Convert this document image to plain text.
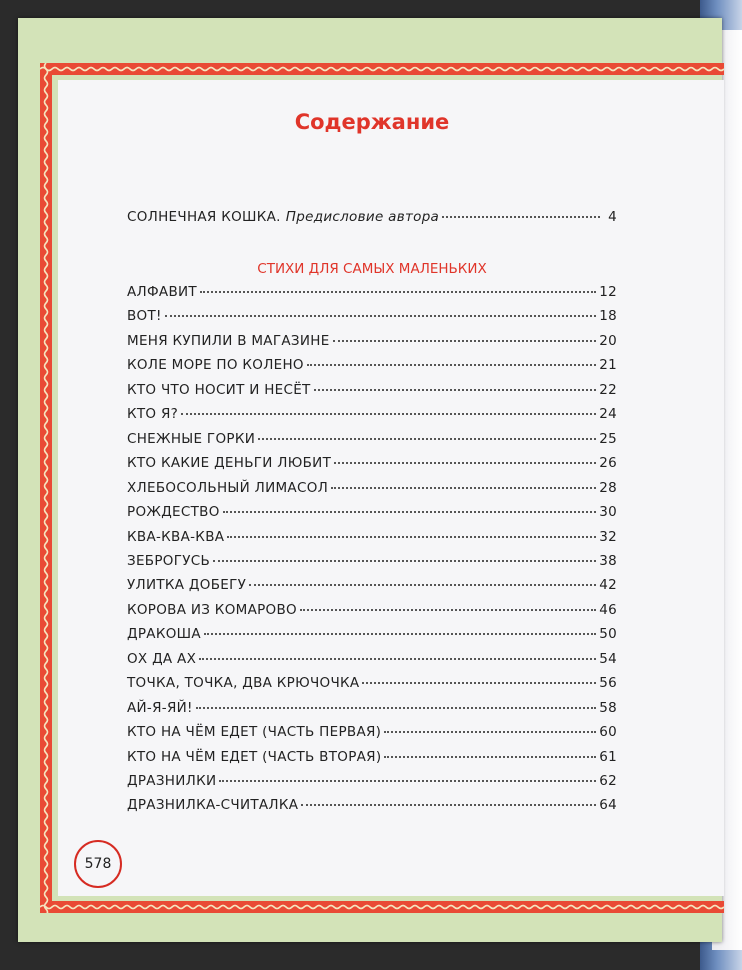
Содержание
СОЛНЕЧНАЯ КОШКА. Предисловие автора	4
СТИХИ ДЛЯ САМЫХ МАЛЕНЬКИХ
АЛФАВИТ	12
ВОТ!	18
МЕНЯ КУПИЛИ В МАГАЗИНЕ	20
КОЛЕ МОРЕ ПО КОЛЕНО	21
КТО ЧТО НОСИТ И НЕСЁТ	22
КТО Я?	24
СНЕЖНЫЕ ГОРКИ	25
КТО КАКИЕ ДЕНЬГИ ЛЮБИТ	26
ХЛЕБОСОЛЬНЫЙ ЛИМАСОЛ	28
РОЖДЕСТВО	30
КВА-КВА-КВА	32
ЗЕБРОГУСЬ	38
УЛИТКА ДОБЕГУ	42
КОРОВА ИЗ КОМАРОВО	46
ДРАКОША	50
ОХ ДА АХ	54
ТОЧКА, ТОЧКА, ДВА КРЮЧОЧКА	56
АЙ-Я-ЯЙ!	58
КТО НА ЧЁМ ЕДЕТ (ЧАСТЬ ПЕРВАЯ)	60
КТО НА ЧЁМ ЕДЕТ (ЧАСТЬ ВТОРАЯ)	61
ДРАЗНИЛКИ	62
ДРАЗНИЛКА-СЧИТАЛКА	64
578
